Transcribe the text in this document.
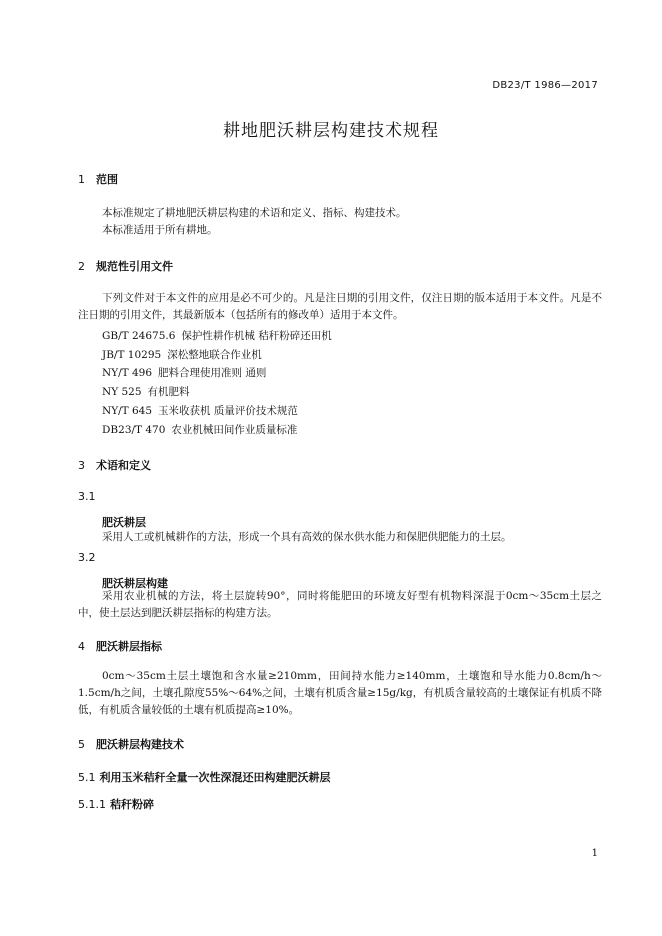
DB23/T 1986—2017
耕地肥沃耕层构建技术规程
1 范围
本标准规定了耕地肥沃耕层构建的术语和定义、指标、构建技术。
本标准适用于所有耕地。
2 规范性引用文件
下列文件对于本文件的应用是必不可少的。凡是注日期的引用文件，仅注日期的版本适用于本文件。凡是不注日期的引用文件，其最新版本（包括所有的修改单）适用于本文件。
GB/T 24675.6 保护性耕作机械 秸秆粉碎还田机
JB/T 10295 深松整地联合作业机
NY/T 496 肥料合理使用准则 通则
NY 525 有机肥料
NY/T 645 玉米收获机 质量评价技术规范
DB23/T 470 农业机械田间作业质量标准
3 术语和定义
3.1
肥沃耕层
采用人工或机械耕作的方法，形成一个具有高效的保水供水能力和保肥供肥能力的土层。
3.2
肥沃耕层构建
采用农业机械的方法，将土层旋转90°，同时将能肥田的环境友好型有机物料深混于0cm～35cm土层之中，使土层达到肥沃耕层指标的构建方法。
4 肥沃耕层指标
0cm～35cm土层土壤饱和含水量≥210mm，田间持水能力≥140mm，土壤饱和导水能力0.8cm/h～1.5cm/h之间，土壤孔隙度55%～64%之间，土壤有机质含量≥15g/kg，有机质含量较高的土壤保证有机质不降低，有机质含量较低的土壤有机质提高≥10%。
5 肥沃耕层构建技术
5.1 利用玉米秸秆全量一次性深混还田构建肥沃耕层
5.1.1 秸秆粉碎
1
